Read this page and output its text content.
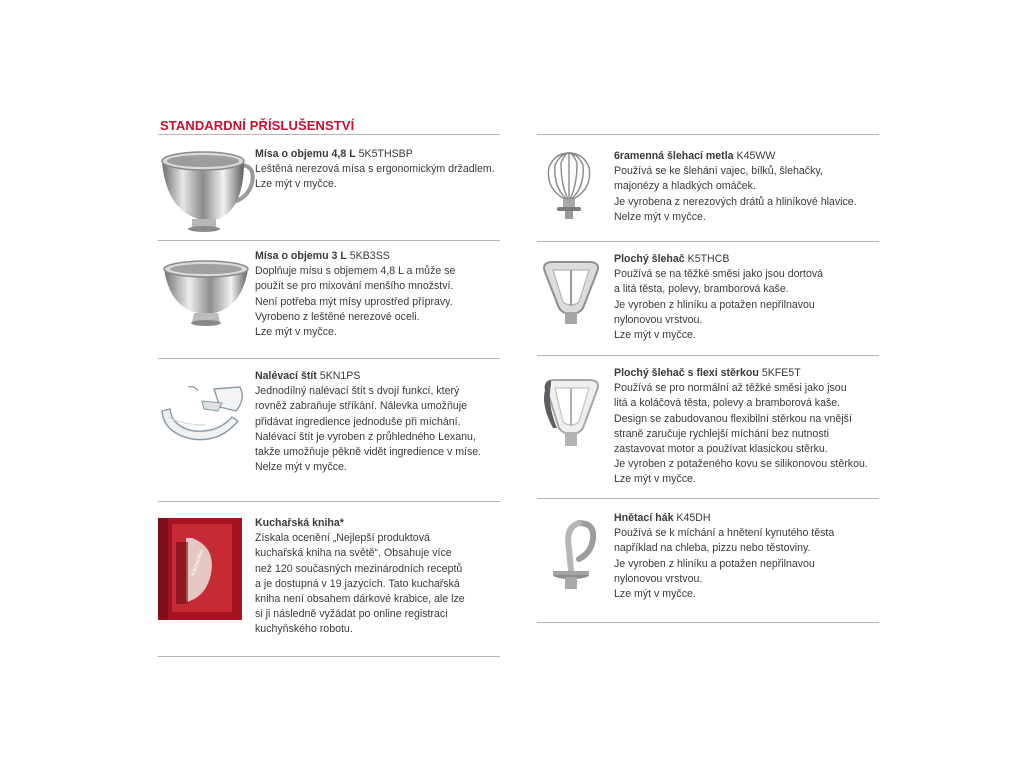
STANDARDNÍ PŘÍSLUŠENSTVÍ
Mísa o objemu 4,8 L 5K5THSBP
Leštěná nerezová mísa s ergonomickým držadlem.
Lze mýt v myčce.
Mísa o objemu 3 L 5KB3SS
Doplňuje mísu s objemem 4,8 L a může se
použít se pro mixování menšího množství.
Není potřeba mýt mísy uprostřed přípravy.
Vyrobeno z leštěné nerezové oceli.
Lze mýt v myčce.
Nalévací štít 5KN1PS
Jednodílný nalévací štít s dvojí funkcí, který
rovněž zabraňuje stříkání. Nálevka umožňuje
přidávat ingredience jednoduše při míchání.
Nalévací štít je vyroben z průhledného Lexanu,
takže umožňuje pěkně vidět ingredience v míse.
Nelze mýt v myčce.
KitchenAid
Kuchařská kniha*
Získala ocenění „Nejlepší produktová
kuchařská kniha na světě“. Obsahuje více
než 120 současných mezinárodních receptů
a je dostupná v 19 jazycích. Tato kuchařská
kniha není obsahem dárkové krabice, ale lze
si ji následně vyžádat po online registraci
kuchyňského robotu.
6ramenná šlehací metla K45WW
Používá se ke šlehání vajec, bílků, šlehačky,
majonézy a hladkých omáček.
Je vyrobena z nerezových drátů a hliníkové hlavice.
Nelze mýt v myčce.
Plochý šlehač K5THCB
Používá se na těžké směsi jako jsou dortová
a litá těsta, polevy, bramborová kaše.
Je vyroben z hliníku a potažen nepřilnavou
nylonovou vrstvou.
Lze mýt v myčce.
Plochý šlehač s flexi stěrkou 5KFE5T
Používá se pro normální až těžké směsi jako jsou
litá a koláčová těsta, polevy a bramborová kaše.
Design se zabudovanou flexibilní stěrkou na vnější
straně zaručuje rychlejší míchání bez nutnosti
zastavovat motor a používat klasickou stěrku.
Je vyroben z potaženého kovu se silikonovou stěrkou.
Lze mýt v myčce.
Hnětací hák K45DH
Používá se k míchání a hnětení kynutého těsta
například na chleba, pizzu nebo těstoviny.
Je vyroben z hliníku a potažen nepřilnavou
nylonovou vrstvou.
Lze mýt v myčce.
